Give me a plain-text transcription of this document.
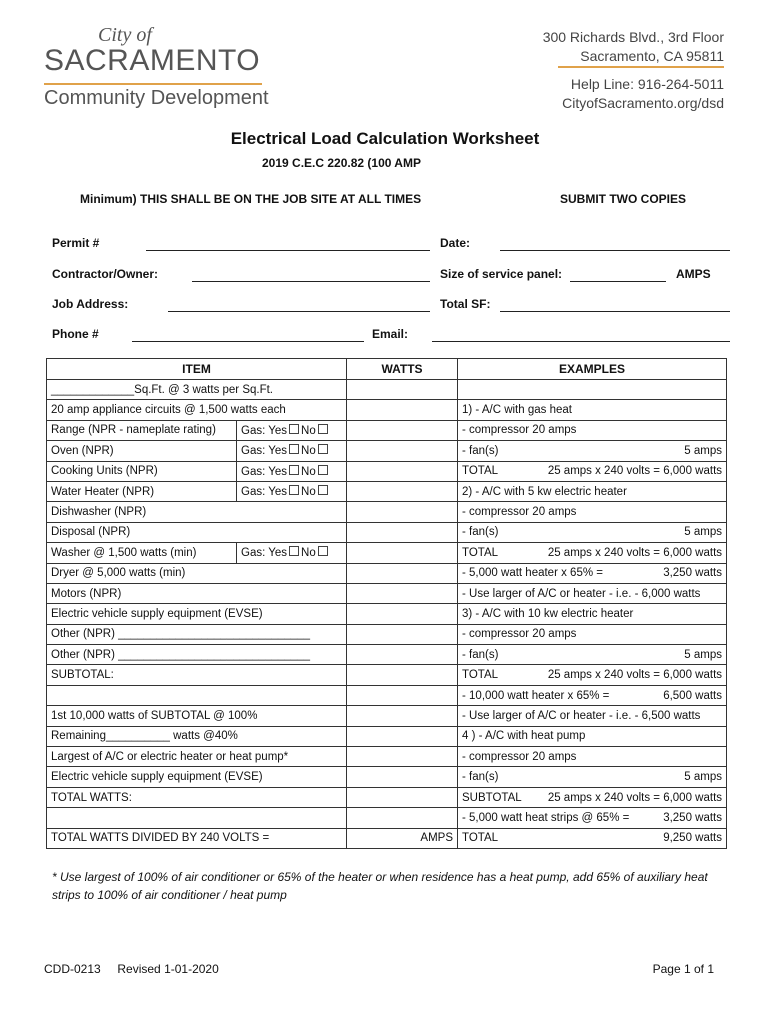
City of
SACRAMENTO
Community Development
300 Richards Blvd., 3rd Floor
Sacramento, CA 95811
Help Line: 916-264-5011
CityofSacramento.org/dsd
Electrical Load Calculation Worksheet
2019 C.E.C 220.82 (100 AMP
Minimum) THIS SHALL BE ON THE JOB SITE AT ALL TIMES	SUBMIT TWO COPIES
Permit #	Date:
Contractor/Owner:	Size of service panel:	AMPS
Job Address:	Total SF:
Phone #	Email:
ITEM		WATTS	EXAMPLES
_____________Sq.Ft. @ 3 watts per Sq.Ft.			
20 amp appliance circuits @ 1,500 watts each			1) - A/C with gas heat
Range (NPR - nameplate rating)	Gas: Yes No		- compressor 20 amps
Oven (NPR)	Gas: Yes No		- fan(s) 5 amps

Cooking Units (NPR)	Gas: Yes No		TOTAL 25 amps x 240 volts = 6,000 watts

Water Heater (NPR)	Gas: Yes No		2) - A/C with 5 kw electric heater
Dishwasher (NPR)			- compressor 20 amps
Disposal (NPR)			- fan(s) 5 amps

Washer @ 1,500 watts (min)	Gas: Yes No		TOTAL 25 amps x 240 volts = 6,000 watts

Dryer @ 5,000 watts (min)			- 5,000 watt heater x 65% = 3,250 watts

Motors (NPR)			- Use larger of A/C or heater - i.e. - 6,000 watts
Electric vehicle supply equipment (EVSE)			3) - A/C with 10 kw electric heater
Other (NPR) ______________________________			- compressor 20 amps
Other (NPR) ______________________________			- fan(s) 5 amps

SUBTOTAL:			TOTAL 25 amps x 240 volts = 6,000 watts

			- 10,000 watt heater x 65% = 6,500 watts

1st 10,000 watts of SUBTOTAL @ 100%			- Use larger of A/C or heater - i.e. - 6,500 watts
Remaining__________ watts @40%			4 ) - A/C with heat pump
Largest of A/C or electric heater or heat pump*			- compressor 20 amps
Electric vehicle supply equipment (EVSE)			- fan(s) 5 amps

TOTAL WATTS:			SUBTOTAL 25 amps x 240 volts = 6,000 watts

			- 5,000 watt heat strips @ 65% = 3,250 watts

TOTAL WATTS DIVIDED BY 240 VOLTS =		AMPS	TOTAL 9,250 watts
* Use largest of 100% of air conditioner or 65% of the heater or when residence has a heat pump, add 65% of auxiliary heat strips to 100% of air conditioner / heat pump
CDD-0213 Revised 1-01-2020	Page 1 of 1
